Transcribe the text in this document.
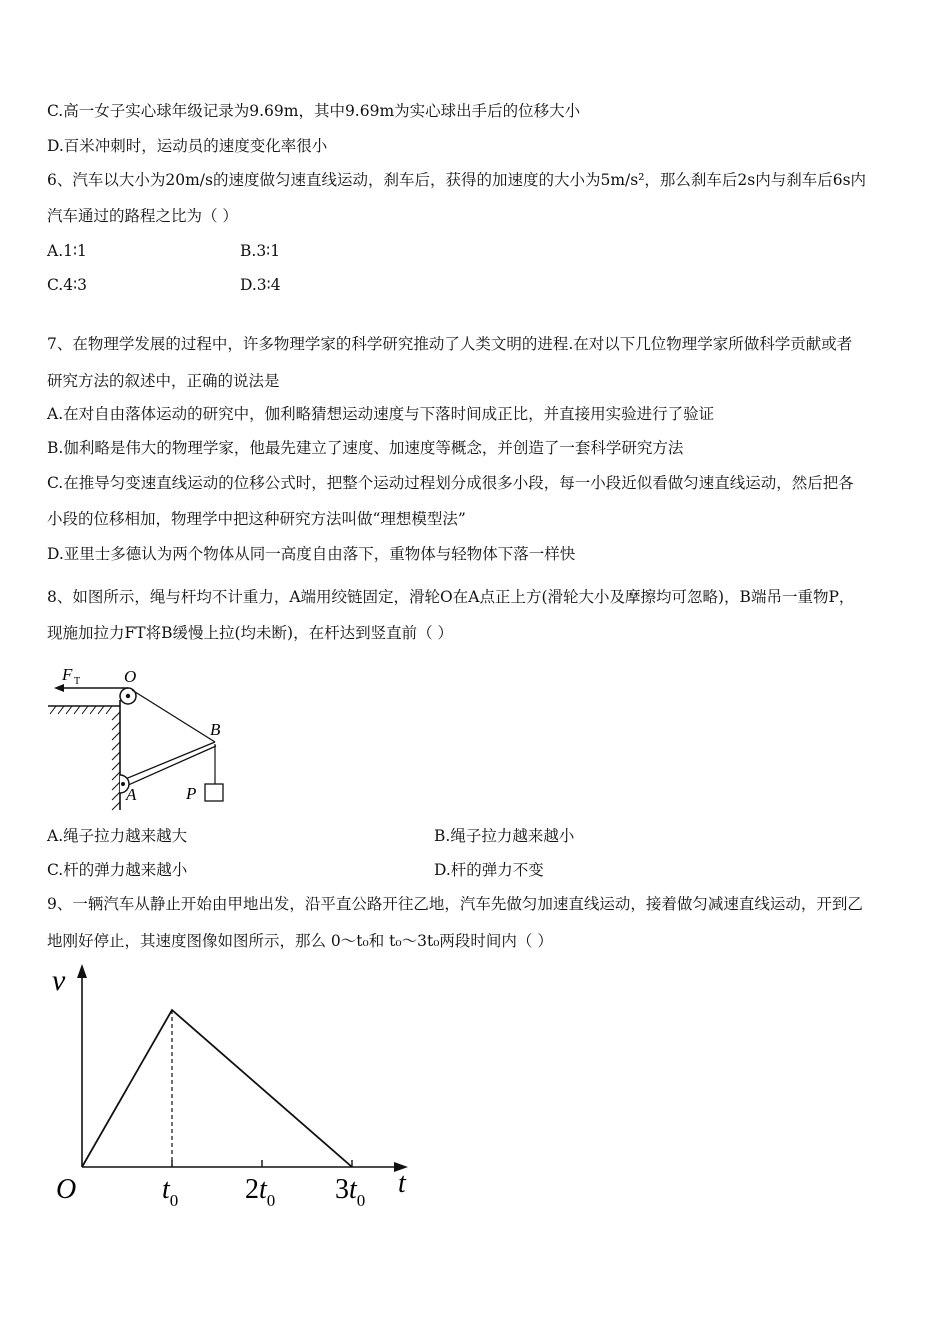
C.高一女子实心球年级记录为9.69m，其中9.69m为实心球出手后的位移大小
D.百米冲刺时，运动员的速度变化率很小
6、汽车以大小为20m/s的速度做匀速直线运动，刹车后，获得的加速度的大小为5m/s²，那么刹车后2s内与刹车后6s内
汽车通过的路程之比为（ ）
A.1∶1	B.3∶1
C.4∶3	D.3∶4
7、在物理学发展的过程中，许多物理学家的科学研究推动了人类文明的进程.在对以下几位物理学家所做科学贡献或者
研究方法的叙述中，正确的说法是
A.在对自由落体运动的研究中，伽利略猜想运动速度与下落时间成正比，并直接用实验进行了验证
B.伽利略是伟大的物理学家，他最先建立了速度、加速度等概念，并创造了一套科学研究方法
C.在推导匀变速直线运动的位移公式时，把整个运动过程划分成很多小段，每一小段近似看做匀速直线运动，然后把各
小段的位移相加，物理学中把这种研究方法叫做“理想模型法”
D.亚里士多德认为两个物体从同一高度自由落下，重物体与轻物体下落一样快
8、如图所示，绳与杆均不计重力，A端用绞链固定，滑轮O在A点正上方(滑轮大小及摩擦均可忽略)，B端吊一重物P，
现施加拉力FT将B缓慢上拉(均未断)，在杆达到竖直前（ ）
F T	O
B
A	P
A.绳子拉力越来越大	B.绳子拉力越来越小
C.杆的弹力越来越小	D.杆的弹力不变
9、一辆汽车从静止开始由甲地出发，沿平直公路开往乙地，汽车先做匀加速直线运动，接着做匀减速直线运动，开到乙
地刚好停止，其速度图像如图所示，那么 0～t₀和 t₀～3t₀两段时间内（ ）
v
O	t
$t_0$ $2t_0$ $3t_0$
